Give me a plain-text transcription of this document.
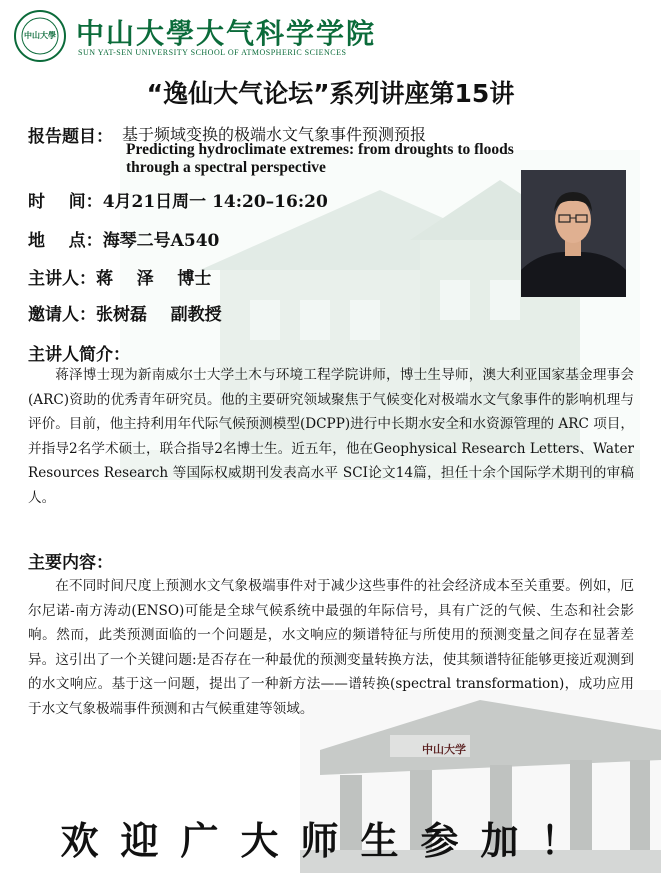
中山大学
中山大學 中山大學大气科学学院
SUN YAT-SEN UNIVERSITY SCHOOL OF ATMOSPHERIC SCIENCES
“逸仙大气论坛”系列讲座第15讲
报告题目： 基于频域变换的极端水文气象事件预测预报
Predicting hydroclimate extremes: from droughts to floods through a spectral perspective
时    间：4月21日周一 14:20–16:20
地    点：海琴二号A540
主讲人：蒋    泽    博士
邀请人：张树磊    副教授
主讲人简介：
蒋泽博士现为新南威尔士大学土木与环境工程学院讲师，博士生导师，澳大利亚国家基金理事会(ARC)资助的优秀青年研究员。他的主要研究领域聚焦于气候变化对极端水文气象事件的影响机理与评价。目前，他主持利用年代际气候预测模型(DCPP)进行中长期水安全和水资源管理的 ARC 项目，并指导2名学术硕士，联合指导2名博士生。近五年，他在Geophysical Research Letters、Water Resources Research 等国际权威期刊发表高水平 SCI论文14篇，担任十余个国际学术期刊的审稿人。
主要内容：
在不同时间尺度上预测水文气象极端事件对于减少这些事件的社会经济成本至关重要。例如，厄尔尼诺-南方涛动(ENSO)可能是全球气候系统中最强的年际信号，具有广泛的气候、生态和社会影响。然而，此类预测面临的一个问题是，水文响应的频谱特征与所使用的预测变量之间存在显著差异。这引出了一个关键问题:是否存在一种最优的预测变量转换方法，使其频谱特征能够更接近观测到的水文响应。基于这一问题，提出了一种新方法——谱转换(spectral transformation)，成功应用于水文气象极端事件预测和古气候重建等领域。
欢迎广大师生参加！
